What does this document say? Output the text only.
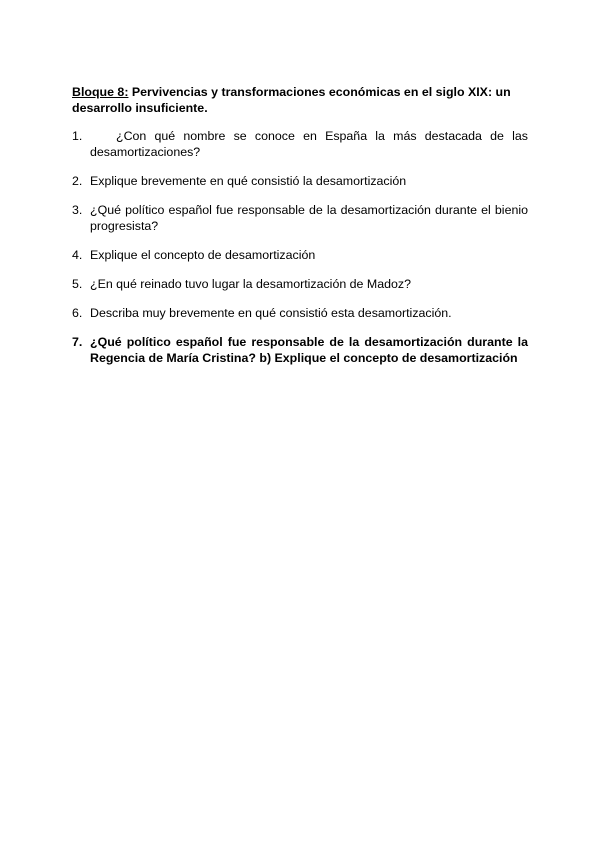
Bloque 8: Pervivencias y transformaciones económicas en el siglo XIX: un desarrollo insuficiente.

1.	¿Con qué nombre se conoce en España la más destacada de las
desamortizaciones?
2. Explique brevemente en qué consistió la desamortización
3. ¿Qué político español fue responsable de la desamortización durante el bienio progresista?
4. Explique el concepto de desamortización
5. ¿En qué reinado tuvo lugar la desamortización de Madoz?
6. Describa muy brevemente en qué consistió esta desamortización.
7. ¿Qué político español fue responsable de la desamortización durante la Regencia de María Cristina? b) Explique el concepto de desamortización
